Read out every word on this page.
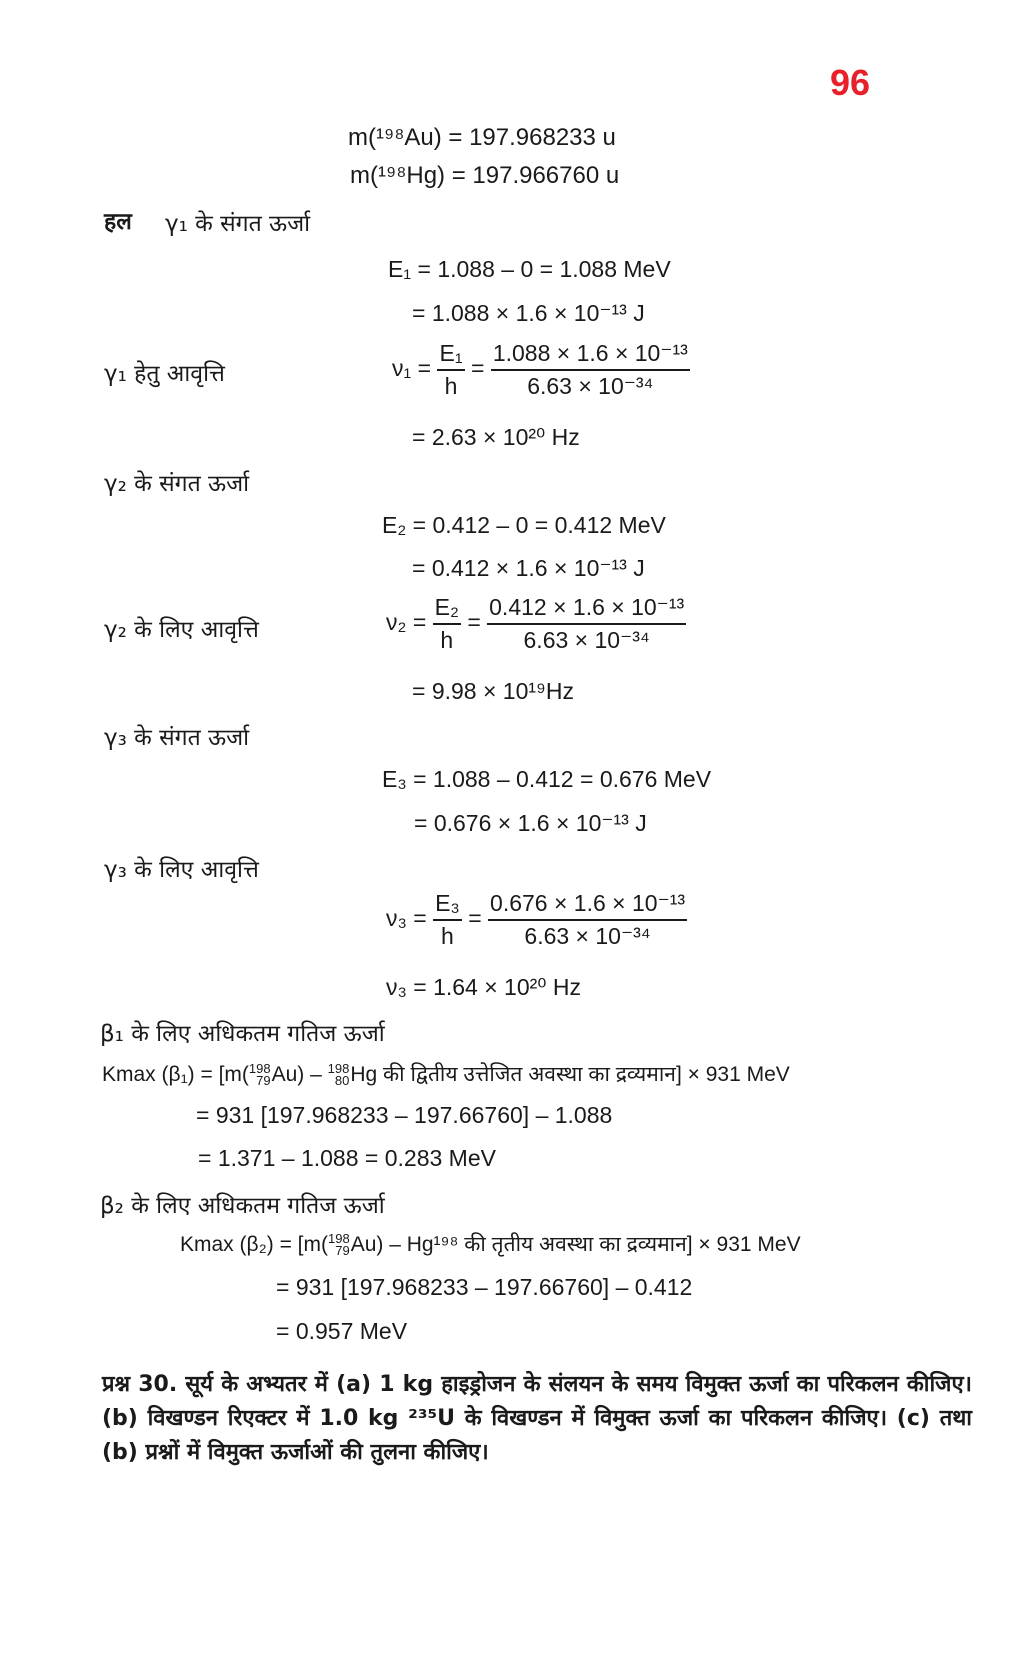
96
m(¹⁹⁸Au) = 197.968233 u
m(¹⁹⁸Hg) = 197.966760 u
हल γ₁ के संगत ऊर्जा
E₁ = 1.088 – 0 = 1.088 MeV
= 1.088 × 1.6 × 10⁻¹³ J
γ₁ हेतु आवृत्ति	$\nu_1 = \frac{\text{E₁}}{h} = \frac{\text{1.088 × 1.6 × 10⁻¹³}}{\text{6.63 × 10⁻³⁴}}$
= 2.63 × 10²⁰ Hz
γ₂ के संगत ऊर्जा
E₂ = 0.412 – 0 = 0.412 MeV
= 0.412 × 1.6 × 10⁻¹³ J
γ₂ के लिए आवृत्ति	$\nu_2 = \frac{\text{E₂}}{h} = \frac{\text{0.412 × 1.6 × 10⁻¹³}}{\text{6.63 × 10⁻³⁴}}$
= 9.98 × 10¹⁹Hz
γ₃ के संगत ऊर्जा
E₃ = 1.088 – 0.412 = 0.676 MeV
= 0.676 × 1.6 × 10⁻¹³ J
γ₃ के लिए आवृत्ति
$\nu_3 = \frac{\text{E₃}}{h} = \frac{\text{0.676 × 1.6 × 10⁻¹³}}{\text{6.63 × 10⁻³⁴}}$
ν₃ = 1.64 × 10²⁰ Hz
β₁ के लिए अधिकतम गतिज ऊर्जा
Kmax (β₁) = [m(198
79Au) – 198
80Hg की द्वितीय उत्तेजित अवस्था का द्रव्यमान] × 931 MeV
= 931 [197.968233 – 197.66760] – 1.088
= 1.371 – 1.088 = 0.283 MeV
β₂ के लिए अधिकतम गतिज ऊर्जा
Kmax (β₂) = [m(198
79Au) – Hg¹⁹⁸ की तृतीय अवस्था का द्रव्यमान] × 931 MeV
= 931 [197.968233 – 197.66760] – 0.412
= 0.957 MeV
प्रश्न 30. सूर्य के अभ्यतर में (a) 1 kg हाइड्रोजन के संलयन के समय विमुक्त ऊर्जा का परिकलन कीजिए। (b) विखण्डन रिएक्टर में 1.0 kg ²³⁵U के विखण्डन में विमुक्त ऊर्जा का परिकलन कीजिए। (c) तथा (b) प्रश्नों में विमुक्त ऊर्जाओं की तुलना कीजिए।
